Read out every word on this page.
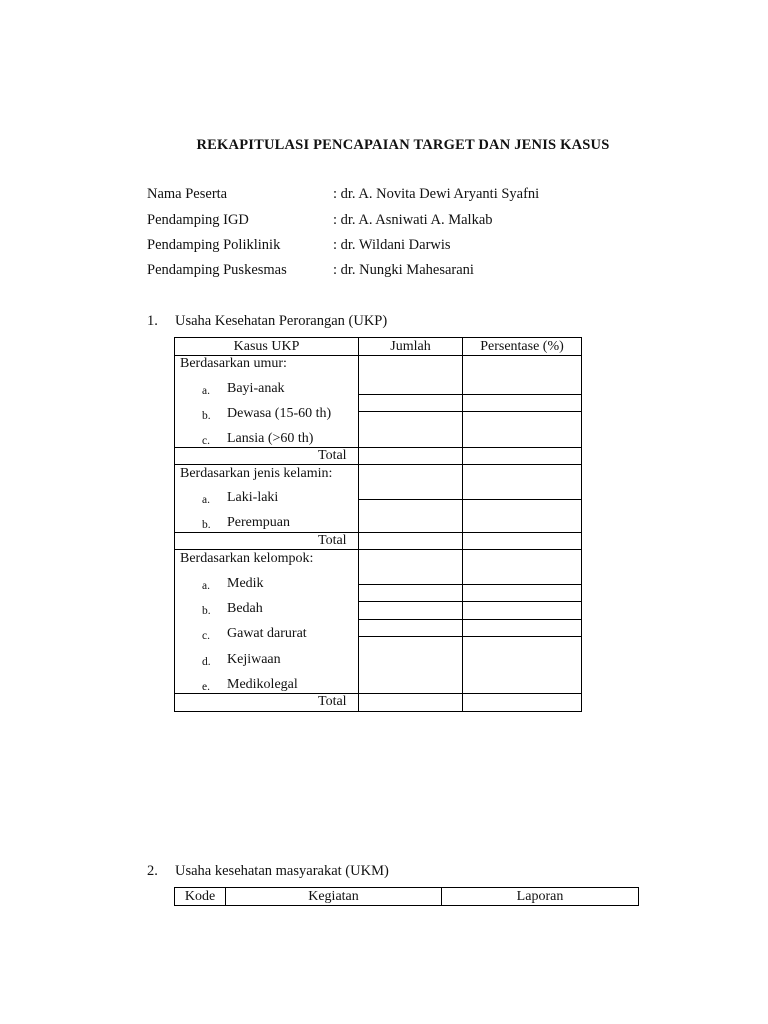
REKAPITULASI PENCAPAIAN TARGET DAN JENIS KASUS
Nama Peserta	: dr. A. Novita Dewi Aryanti Syafni
Pendamping IGD	: dr. A. Asniwati A. Malkab
Pendamping Poliklinik	: dr. Wildani Darwis
Pendamping Puskesmas	: dr. Nungki Mahesarani
1. Usaha Kesehatan Perorangan (UKP)
Kasus UKP	Jumlah	Persentase (%)
Berdasarkan umur:
a. Bayi-anak
b. Dewasa (15-60 th)
c. Lansia (>60 th)
Total
Berdasarkan jenis kelamin:
a. Laki-laki
b. Perempuan
Total
Berdasarkan kelompok:
a. Medik
b. Bedah
c. Gawat darurat
d. Kejiwaan
e. Medikolegal
Total
2. Usaha kesehatan masyarakat (UKM)
Kode	Kegiatan	Laporan
